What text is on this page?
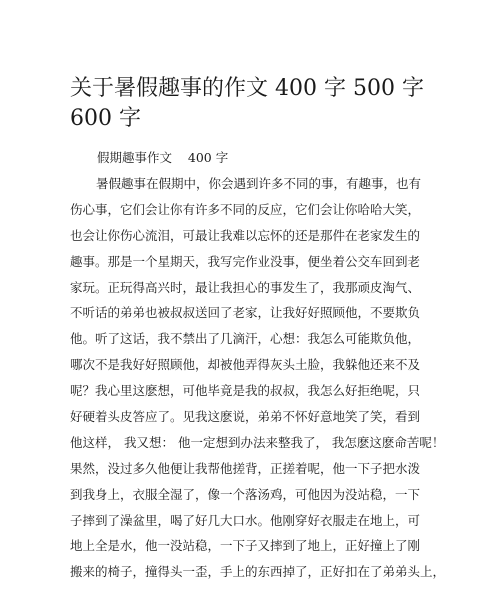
关于暑假趣事的作文 400 字 500 字 600 字

假期趣事作文    400 字

暑假趣事在假期中，你会遇到许多不同的事，有趣事，也有
伤心事，它们会让你有许多不同的反应，它们会让你哈哈大笑，
也会让你伤心流泪，可最让我难以忘怀的还是那件在老家发生的
趣事。那是一个星期天，我写完作业没事，便坐着公交车回到老
家玩。正玩得高兴时，最让我担心的事发生了，我那顽皮淘气、
不听话的弟弟也被叔叔送回了老家，让我好好照顾他，不要欺负
他。听了这话，我不禁出了几滴汗，心想：我怎么可能欺负他，
哪次不是我好好照顾他，却被他弄得灰头土脸，我躲他还来不及
呢？我心里这麽想，可他毕竟是我的叔叔，我怎么好拒绝呢，只
好硬着头皮答应了。见我这麽说，弟弟不怀好意地笑了笑，看到
他这样， 我又想： 他一定想到办法来整我了， 我怎麽这麽命苦呢！
果然，没过多久他便让我帮他搓背，正搓着呢，他一下子把水泼
到我身上，衣服全湿了，像一个落汤鸡，可他因为没站稳，一下
子摔到了澡盆里，喝了好几大口水。他刚穿好衣服走在地上，可
地上全是水，他一没站稳，一下子又摔到了地上，正好撞上了刚
搬来的椅子，撞得头一歪，手上的东西掉了，正好扣在了弟弟头上，
